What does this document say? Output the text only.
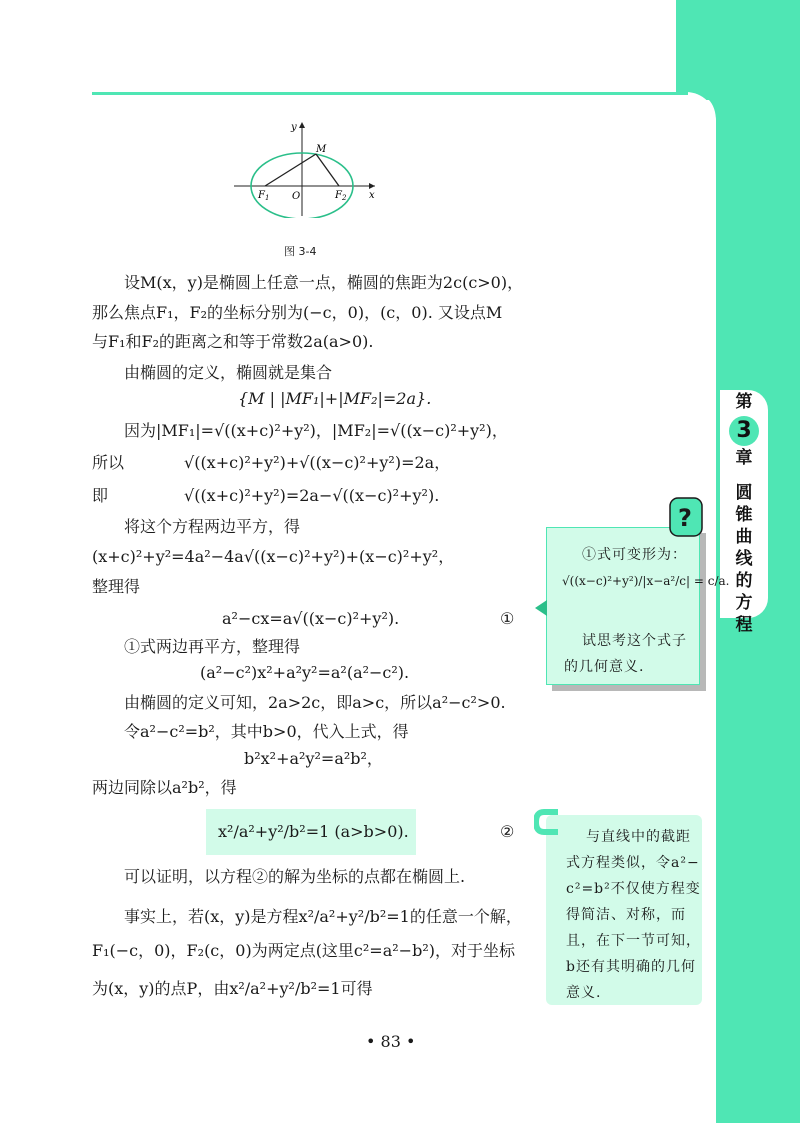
第
3
章
圆锥曲线的方程
y
x
O
M
$F_1$	$F_2$
图 3-4
设M(x，y)是椭圆上任意一点，椭圆的焦距为2c(c>0)，
那么焦点F₁，F₂的坐标分别为(−c，0)，(c，0). 又设点M
与F₁和F₂的距离之和等于常数2a(a>0).
由椭圆的定义，椭圆就是集合
{M | |MF₁|+|MF₂|=2a}.
因为|MF₁|=√((x+c)²+y²)，|MF₂|=√((x−c)²+y²)，
所以	√((x+c)²+y²)+√((x−c)²+y²)=2a，
即	√((x+c)²+y²)=2a−√((x−c)²+y²).
将这个方程两边平方，得
(x+c)²+y²=4a²−4a√((x−c)²+y²)+(x−c)²+y²，
整理得
a²−cx=a√((x−c)²+y²).	①
①式两边再平方，整理得
(a²−c²)x²+a²y²=a²(a²−c²).
由椭圆的定义可知，2a>2c，即a>c，所以a²−c²>0.
令a²−c²=b²，其中b>0，代入上式，得
b²x²+a²y²=a²b²，
两边同除以a²b²，得
x²/a²+y²/b²=1 (a>b>0).	②
可以证明，以方程②的解为坐标的点都在椭圆上.
事实上，若(x，y)是方程x²/a²+y²/b²=1的任意一个解，
F₁(−c，0)，F₂(c，0)为两定点(这里c²=a²−b²)，对于坐标
为(x，y)的点P，由x²/a²+y²/b²=1可得
?
①式可变形为：
√((x−c)²+y²)/|x−a²/c| = c/a.
试思考这个式子
的几何意义.
与直线中的截距
式方程类似，令a²−
c²=b²不仅使方程变
得简洁、对称，而
且，在下一节可知，
b还有其明确的几何
意义.
• 83 •
